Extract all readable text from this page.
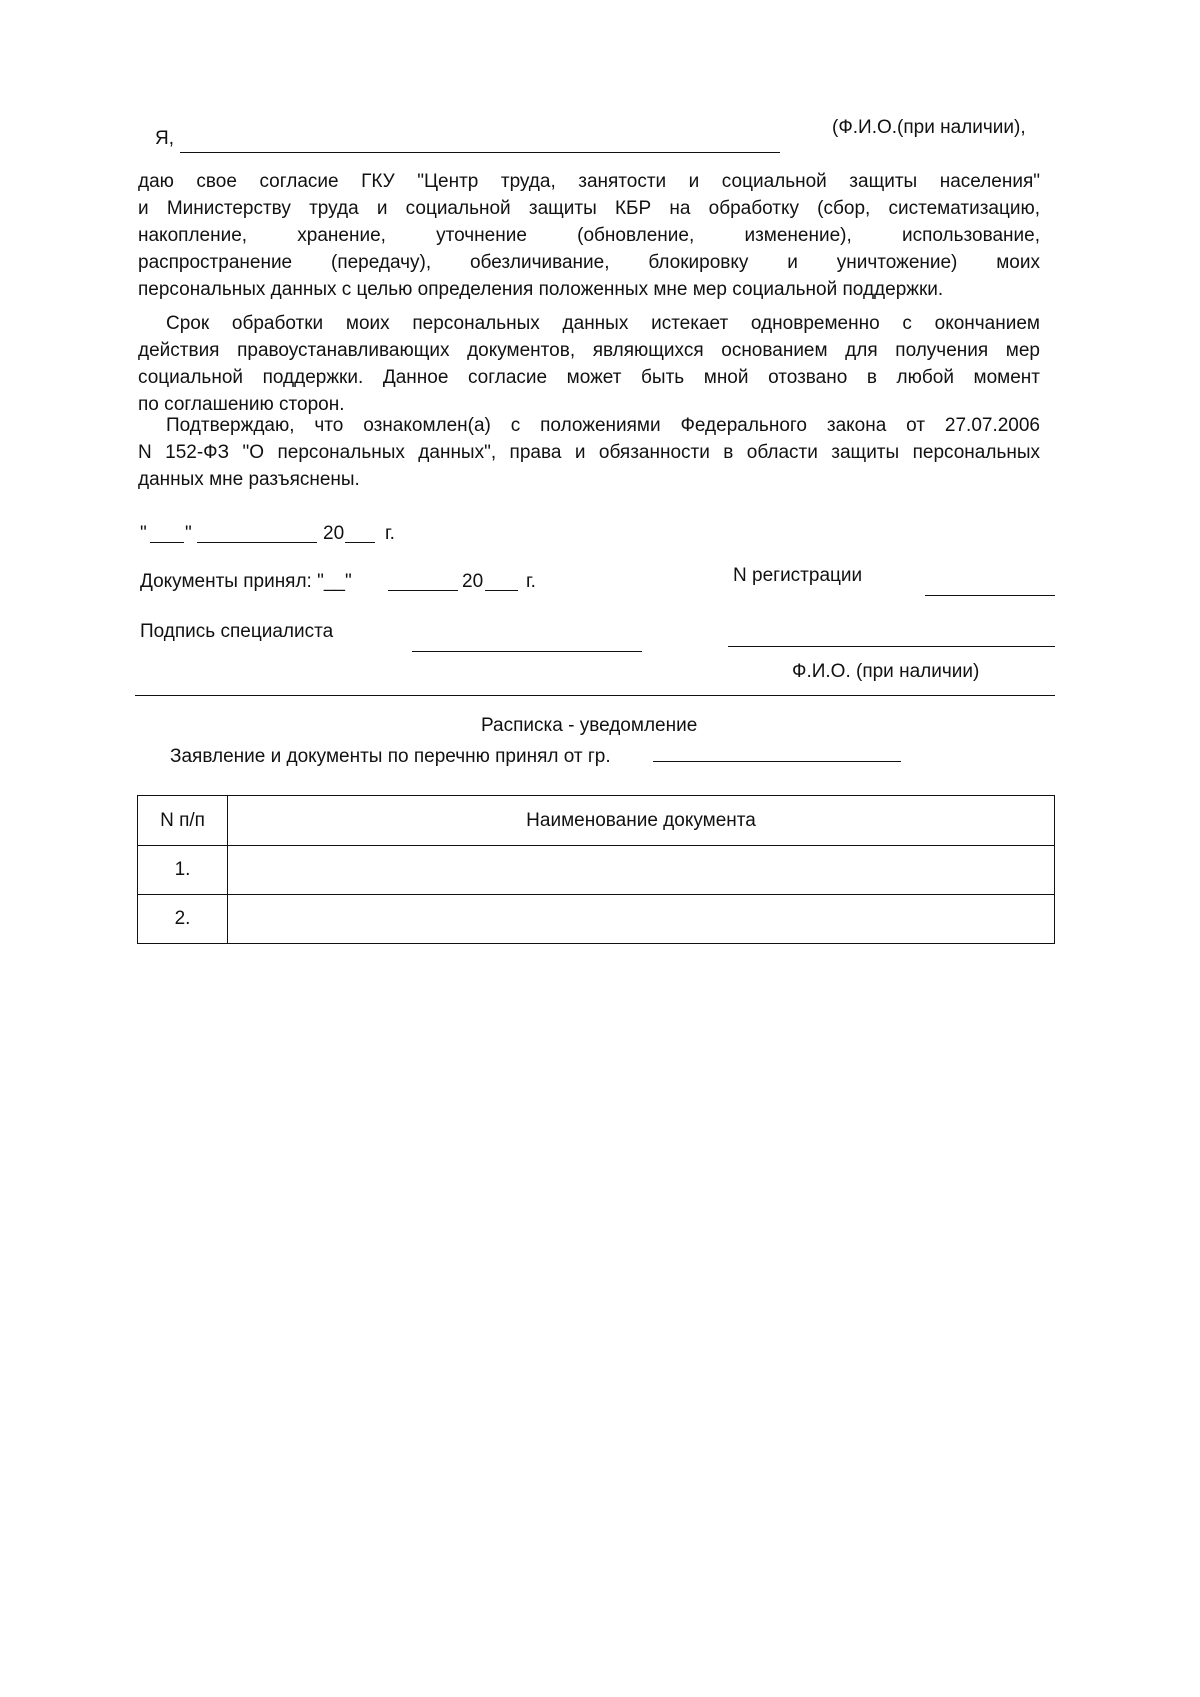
Я,
(Ф.И.О.(при наличии),
даю свое согласие ГКУ "Центр труда, занятости и социальной защиты населения"
и Министерству труда и социальной защиты КБР на обработку (сбор, систематизацию,
накопление, хранение, уточнение (обновление, изменение), использование,
распространение (передачу), обезличивание, блокировку и уничтожение) моих
персональных данных с целью определения положенных мне мер социальной поддержки.
Срок обработки моих персональных данных истекает одновременно с окончанием
действия правоустанавливающих документов, являющихся основанием для получения мер
социальной поддержки. Данное согласие может быть мной отозвано в любой момент
по соглашению сторон.
Подтверждаю, что ознакомлен(а) с положениями Федерального закона от 27.07.2006
N 152-ФЗ "О персональных данных", права и обязанности в области защиты персональных
данных мне разъяснены.
" "	20 г.
Документы принял: "__"	20 г.	N регистрации
Подпись специалиста
Ф.И.О. (при наличии)
Расписка - уведомление
Заявление и документы по перечню принял от гр.
N п/п	Наименование документа
1.	
2.	
